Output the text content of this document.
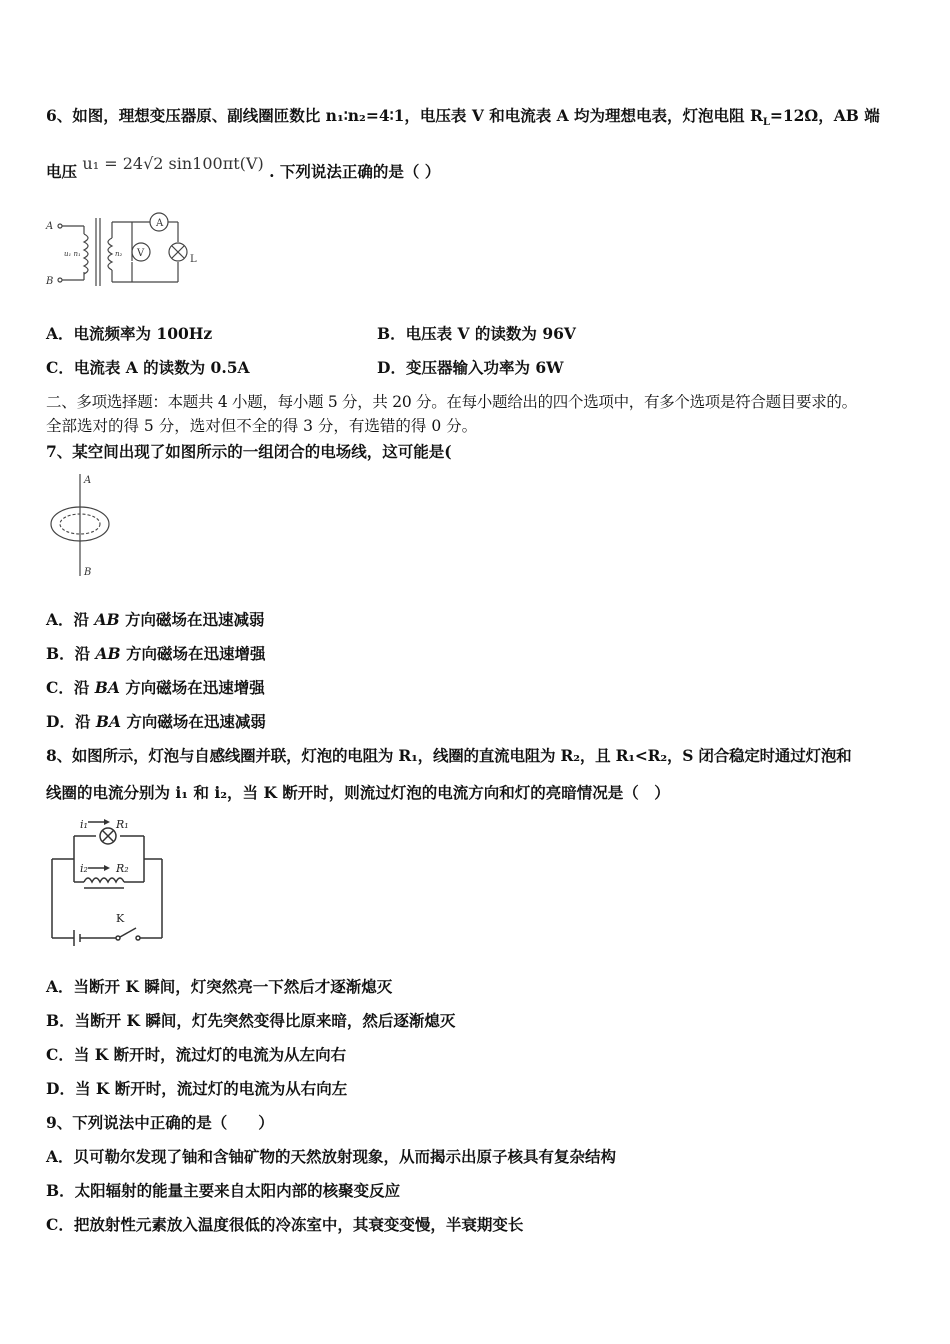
6、如图，理想变压器原、副线圈匝数比 n₁∶n₂=4∶1，电压表 V 和电流表 A 均为理想电表，灯泡电阻 $R_L=12\Omega$，AB 端
电压 u₁ = 24√2 sin100πt(V) . 下列说法正确的是（ ）
A
B
u₁ n₁	n₂
A
V
L
A．电流频率为 100Hz	B．电压表 V 的读数为 96V
C．电流表 A 的读数为 0.5A	D．变压器输入功率为 6W
二、多项选择题：本题共 4 小题，每小题 5 分，共 20 分。在每小题给出的四个选项中，有多个选项是符合题目要求的。
全部选对的得 5 分，选对但不全的得 3 分，有选错的得 0 分。
7、某空间出现了如图所示的一组闭合的电场线，这可能是(
A
B
A．沿 AB 方向磁场在迅速减弱
B．沿 AB 方向磁场在迅速增强
C．沿 BA 方向磁场在迅速增强
D．沿 BA 方向磁场在迅速减弱
8、如图所示，灯泡与自感线圈并联，灯泡的电阻为 R₁，线圈的直流电阻为 R₂，且 R₁<R₂，S 闭合稳定时通过灯泡和
线圈的电流分别为 i₁ 和 i₂，当 K 断开时，则流过灯泡的电流方向和灯的亮暗情况是（　）
i₁	R₁
i₂	R₂
K
A．当断开 K 瞬间，灯突然亮一下然后才逐渐熄灭
B．当断开 K 瞬间，灯先突然变得比原来暗，然后逐渐熄灭
C．当 K 断开时，流过灯的电流为从左向右
D．当 K 断开时，流过灯的电流为从右向左
9、下列说法中正确的是（　　）
A．贝可勒尔发现了铀和含铀矿物的天然放射现象，从而揭示出原子核具有复杂结构
B．太阳辐射的能量主要来自太阳内部的核聚变反应
C．把放射性元素放入温度很低的冷冻室中，其衰变变慢，半衰期变长
